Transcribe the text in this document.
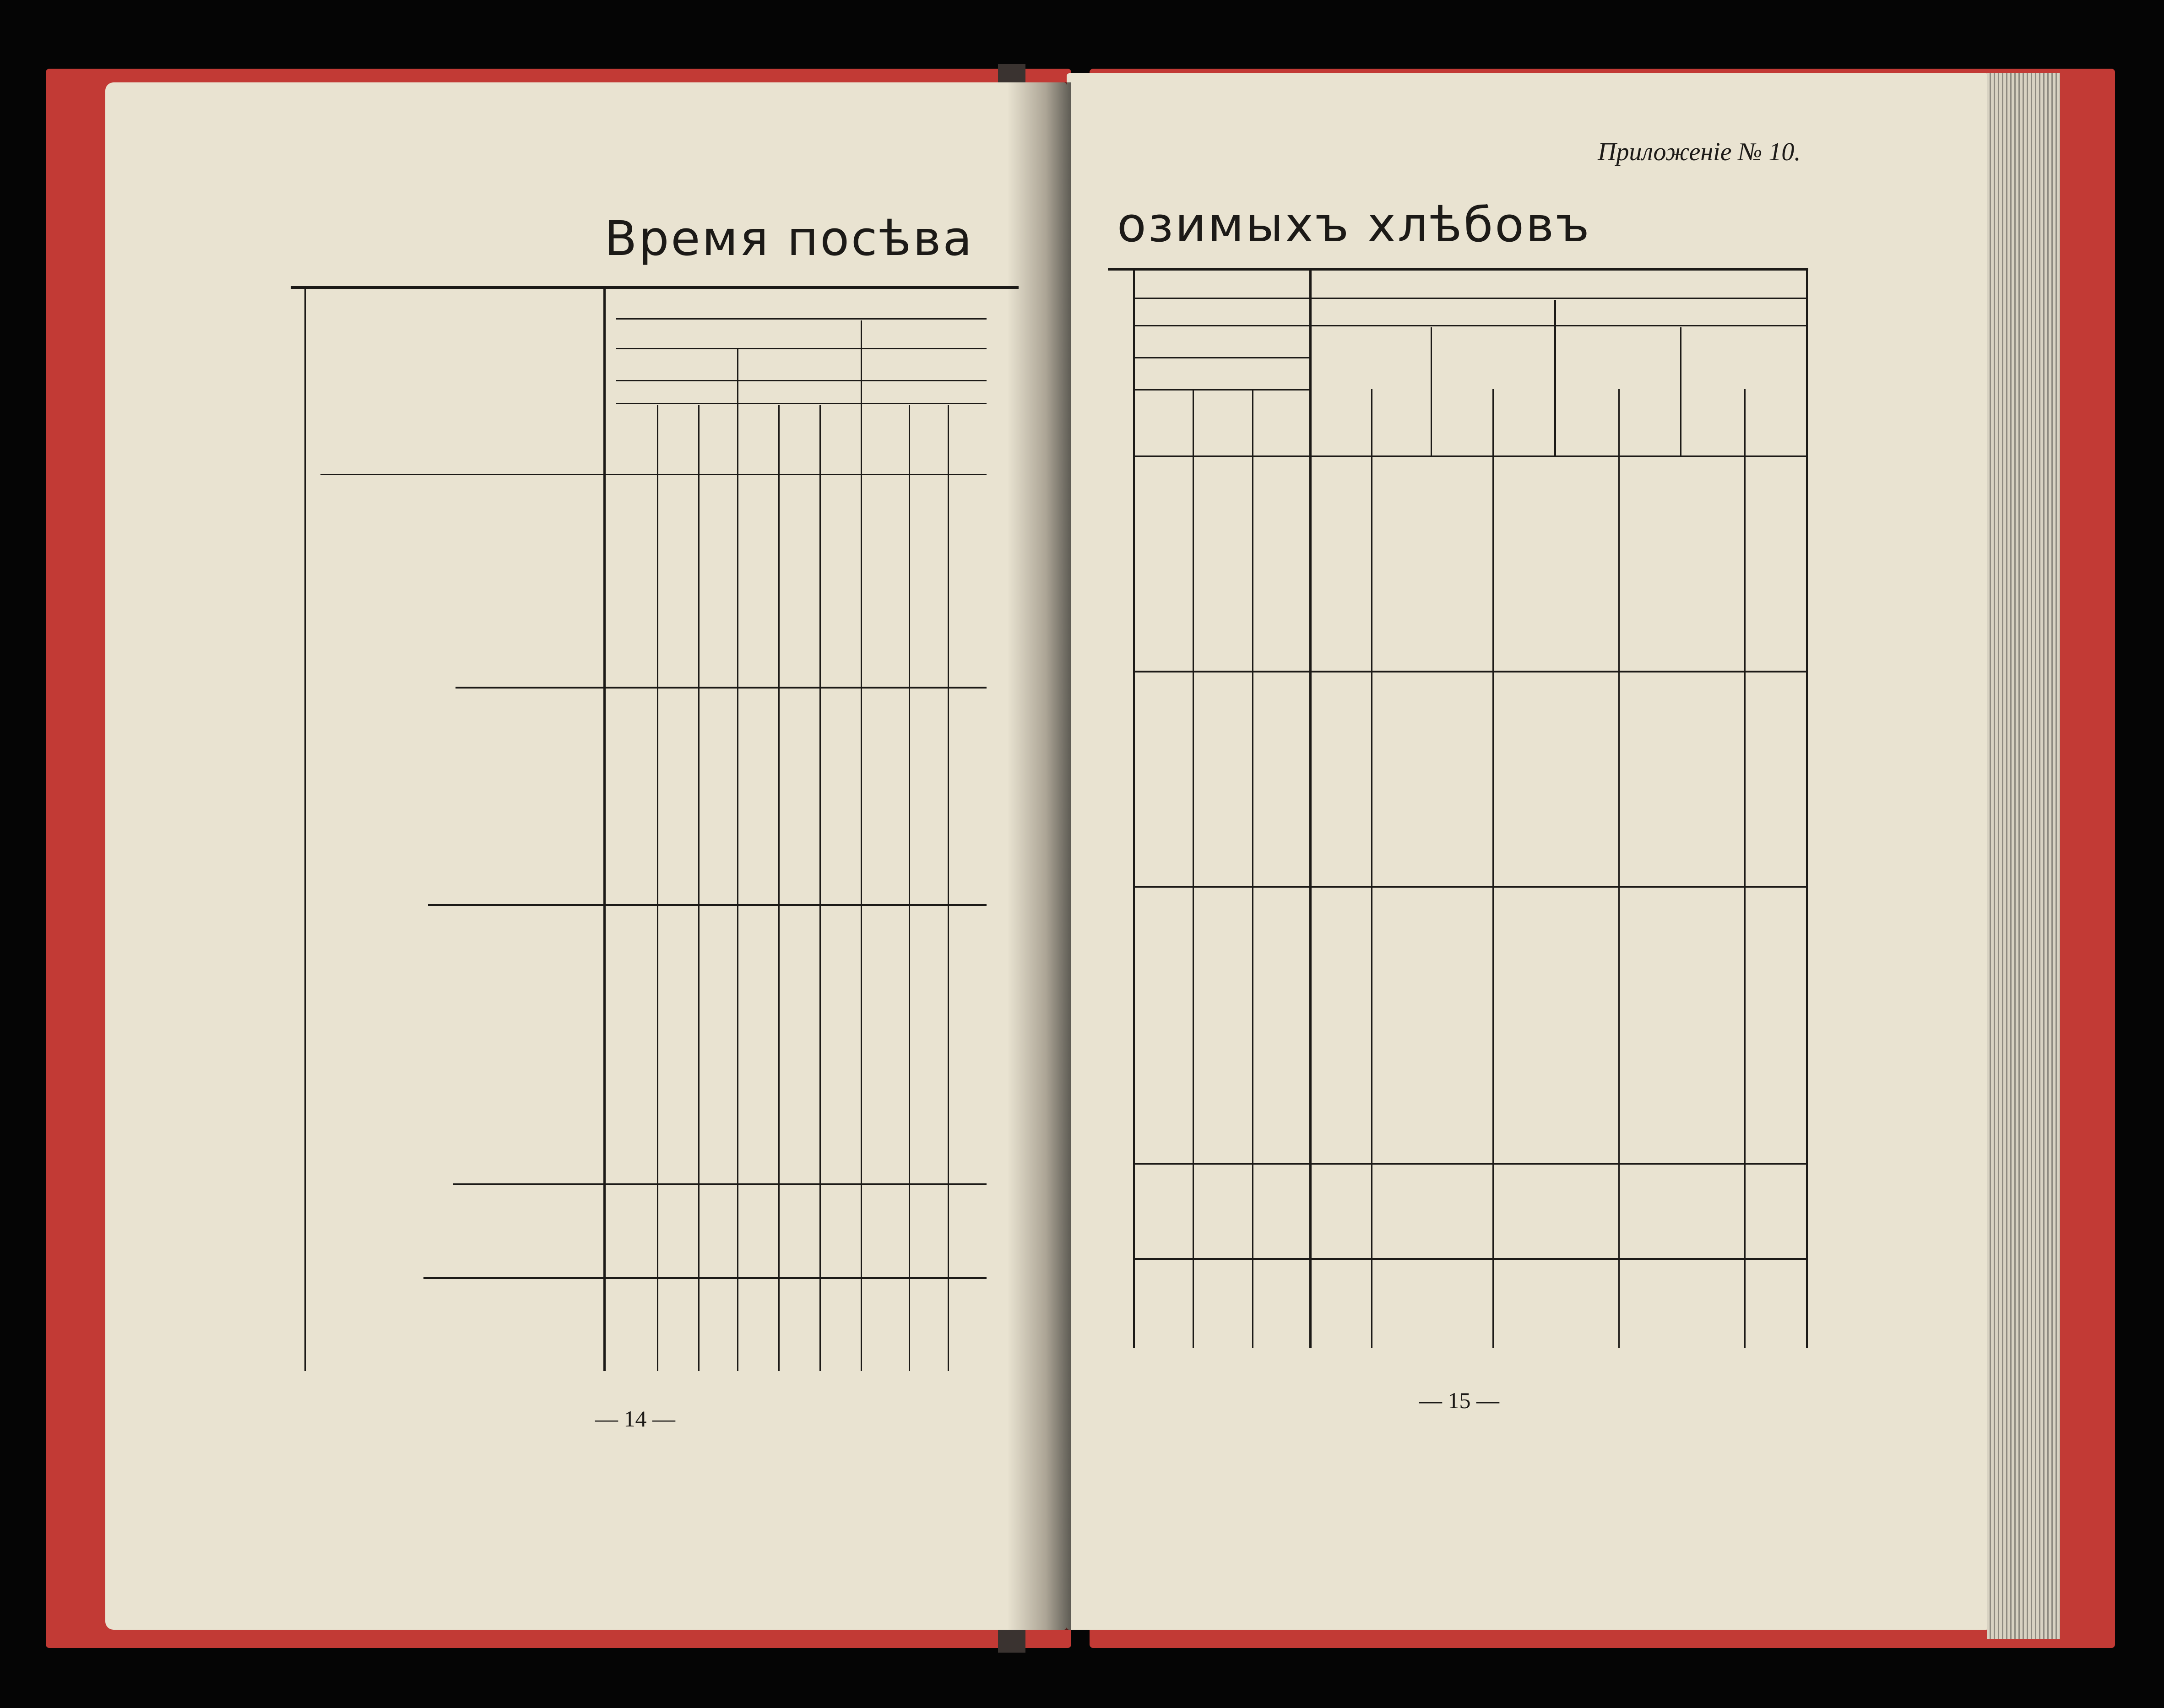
Время посѣва	озимыхъ хлѣбовъ
Приложенiе № 10.
— 14 —
— 15 —
